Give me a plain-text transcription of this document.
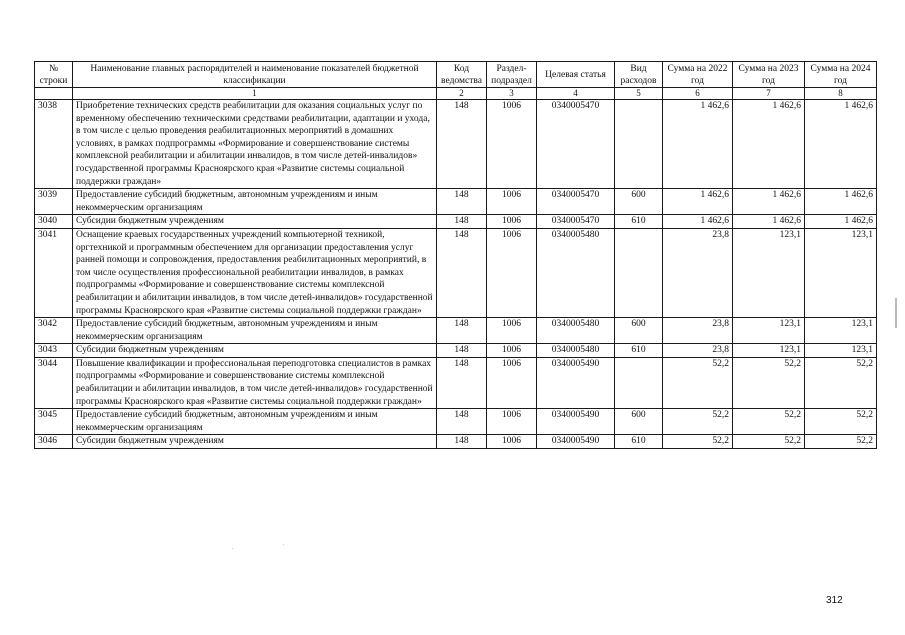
№ строки	Наименование главных распорядителей и наименование показателей бюджетной классификации	Код ведомства	Раздел-подраздел	Целевая статья	Вид расходов	Сумма на 2022 год	Сумма на 2023 год	Сумма на 2024 год
	1	2	3	4	5	6	7	8
3038	Приобретение технических средств реабилитации для оказания социальных услуг по временному обеспечению техническими средствами реабилитации, адаптации и ухода, в том числе с целью проведения реабилитационных мероприятий в домашних условиях, в рамках подпрограммы «Формирование и совершенствование системы комплексной реабилитации и абилитации инвалидов, в том числе детей-инвалидов» государственной программы Красноярского края «Развитие системы социальной поддержки граждан»	148	1006	0340005470		1 462,6	1 462,6	1 462,6
3039	Предоставление субсидий бюджетным, автономным учреждениям и иным некоммерческим организациям	148	1006	0340005470	600	1 462,6	1 462,6	1 462,6
3040	Субсидии бюджетным учреждениям	148	1006	0340005470	610	1 462,6	1 462,6	1 462,6
3041	Оснащение краевых государственных учреждений компьютерной техникой, оргтехникой и программным обеспечением для организации предоставления услуг ранней помощи и сопровождения, предоставления реабилитационных мероприятий, в том числе осуществления профессиональной реабилитации инвалидов, в рамках подпрограммы «Формирование и совершенствование системы комплексной реабилитации и абилитации инвалидов, в том числе детей-инвалидов» государственной программы Красноярского края «Развитие системы социальной поддержки граждан»	148	1006	0340005480		23,8	123,1	123,1
3042	Предоставление субсидий бюджетным, автономным учреждениям и иным некоммерческим организациям	148	1006	0340005480	600	23,8	123,1	123,1
3043	Субсидии бюджетным учреждениям	148	1006	0340005480	610	23,8	123,1	123,1
3044	Повышение квалификации и профессиональная переподготовка специалистов в рамках подпрограммы «Формирование и совершенствование системы комплексной реабилитации и абилитации инвалидов, в том числе детей-инвалидов» государственной программы Красноярского края «Развитие системы социальной поддержки граждан»	148	1006	0340005490		52,2	52,2	52,2
3045	Предоставление субсидий бюджетным, автономным учреждениям и иным некоммерческим организациям	148	1006	0340005490	600	52,2	52,2	52,2
3046	Субсидии бюджетным учреждениям	148	1006	0340005490	610	52,2	52,2	52,2
312
